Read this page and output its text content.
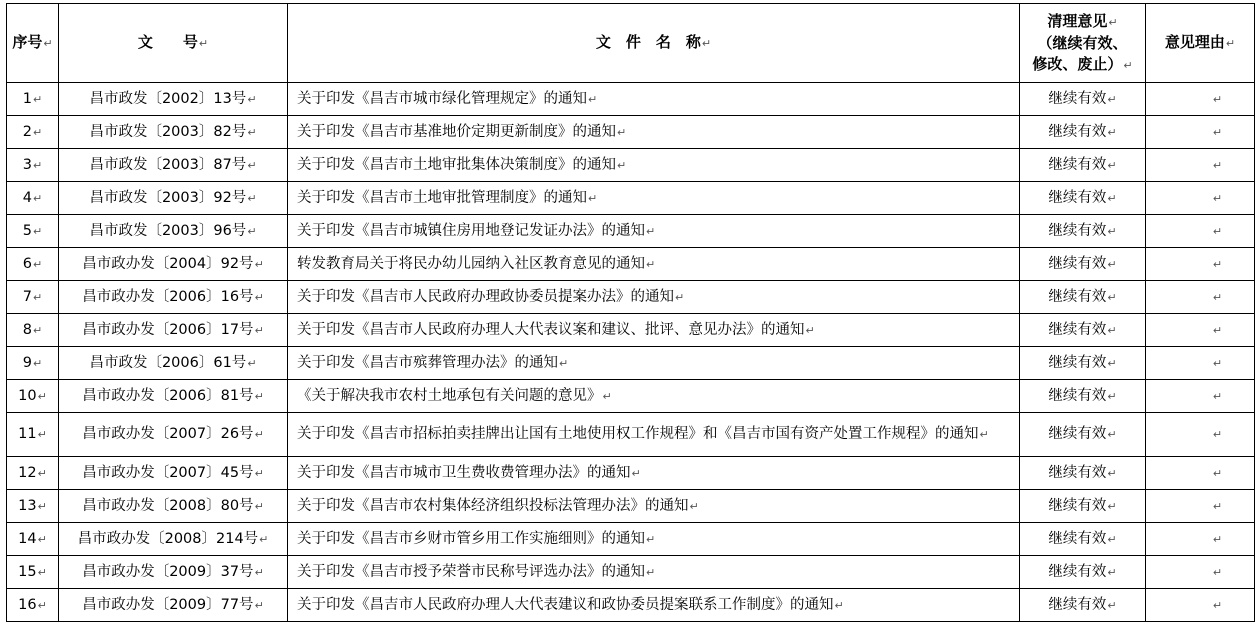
序号↵	文　　号↵	文　件　名　称↵	清理意见↵
（继续有效、
修改、废止）↵	意见理由↵
1↵	昌市政发〔2002〕13号↵	关于印发《昌吉市城市绿化管理规定》的通知↵	继续有效↵	↵
2↵	昌市政发〔2003〕82号↵	关于印发《昌吉市基准地价定期更新制度》的通知↵	继续有效↵	↵
3↵	昌市政发〔2003〕87号↵	关于印发《昌吉市土地审批集体决策制度》的通知↵	继续有效↵	↵
4↵	昌市政发〔2003〕92号↵	关于印发《昌吉市土地审批管理制度》的通知↵	继续有效↵	↵
5↵	昌市政发〔2003〕96号↵	关于印发《昌吉市城镇住房用地登记发证办法》的通知↵	继续有效↵	↵
6↵	昌市政办发〔2004〕92号↵	转发教育局关于将民办幼儿园纳入社区教育意见的通知↵	继续有效↵	↵
7↵	昌市政办发〔2006〕16号↵	关于印发《昌吉市人民政府办理政协委员提案办法》的通知↵	继续有效↵	↵
8↵	昌市政办发〔2006〕17号↵	关于印发《昌吉市人民政府办理人大代表议案和建议、批评、意见办法》的通知↵	继续有效↵	↵
9↵	昌市政发〔2006〕61号↵	关于印发《昌吉市殡葬管理办法》的通知↵	继续有效↵	↵
10↵	昌市政办发〔2006〕81号↵	《关于解决我市农村土地承包有关问题的意见》↵	继续有效↵	↵
11↵	昌市政办发〔2007〕26号↵	关于印发《昌吉市招标拍卖挂牌出让国有土地使用权工作规程》和《昌吉市国有资产处置工作规程》的通知↵	继续有效↵	↵
12↵	昌市政办发〔2007〕45号↵	关于印发《昌吉市城市卫生费收费管理办法》的通知↵	继续有效↵	↵
13↵	昌市政办发〔2008〕80号↵	关于印发《昌吉市农村集体经济组织投标法管理办法》的通知↵	继续有效↵	↵
14↵	昌市政办发〔2008〕214号↵	关于印发《昌吉市乡财市管乡用工作实施细则》的通知↵	继续有效↵	↵
15↵	昌市政办发〔2009〕37号↵	关于印发《昌吉市授予荣誉市民称号评选办法》的通知↵	继续有效↵	↵
16↵	昌市政办发〔2009〕77号↵	关于印发《昌吉市人民政府办理人大代表建议和政协委员提案联系工作制度》的通知↵	继续有效↵	↵
